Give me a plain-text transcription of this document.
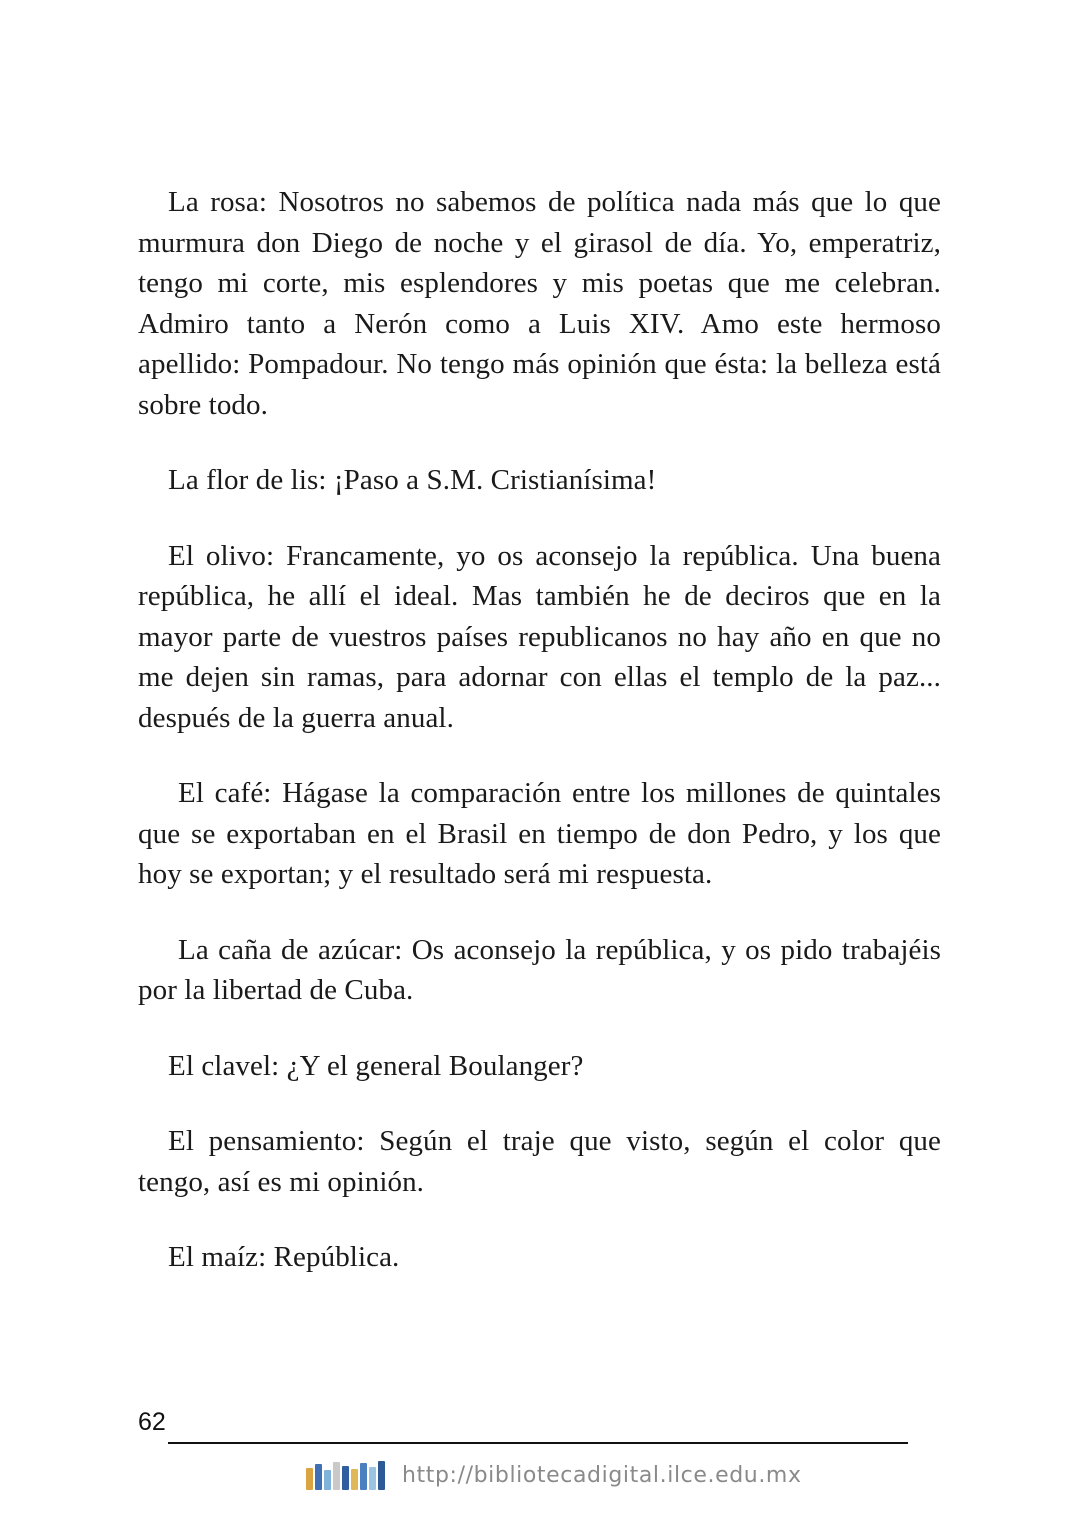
La rosa: Nosotros no sabemos de política nada más que lo que murmura don Diego de noche y el girasol de día. Yo, emperatriz, tengo mi corte, mis esplendores y mis poetas que me celebran. Admiro tanto a Nerón como a Luis XIV. Amo este hermoso apellido: Pompadour. No tengo más opinión que ésta: la belleza está sobre todo.

La flor de lis: ¡Paso a S.M. Cristianísima!

El olivo: Francamente, yo os aconsejo la república. Una buena república, he allí el ideal. Mas también he de deciros que en la mayor parte de vuestros países republicanos no hay año en que no me dejen sin ramas, para adornar con ellas el templo de la paz... después de la guerra anual.

El café: Hágase la comparación entre los millones de quintales que se exportaban en el Brasil en tiempo de don Pedro, y los que hoy se exportan; y el resultado será mi respuesta.

La caña de azúcar: Os aconsejo la república, y os pido trabajéis por la libertad de Cuba.

El clavel: ¿Y el general Boulanger?

El pensamiento: Según el traje que visto, según el color que tengo, así es mi opinión.

El maíz: República.

62
http://bibliotecadigital.ilce.edu.mx
